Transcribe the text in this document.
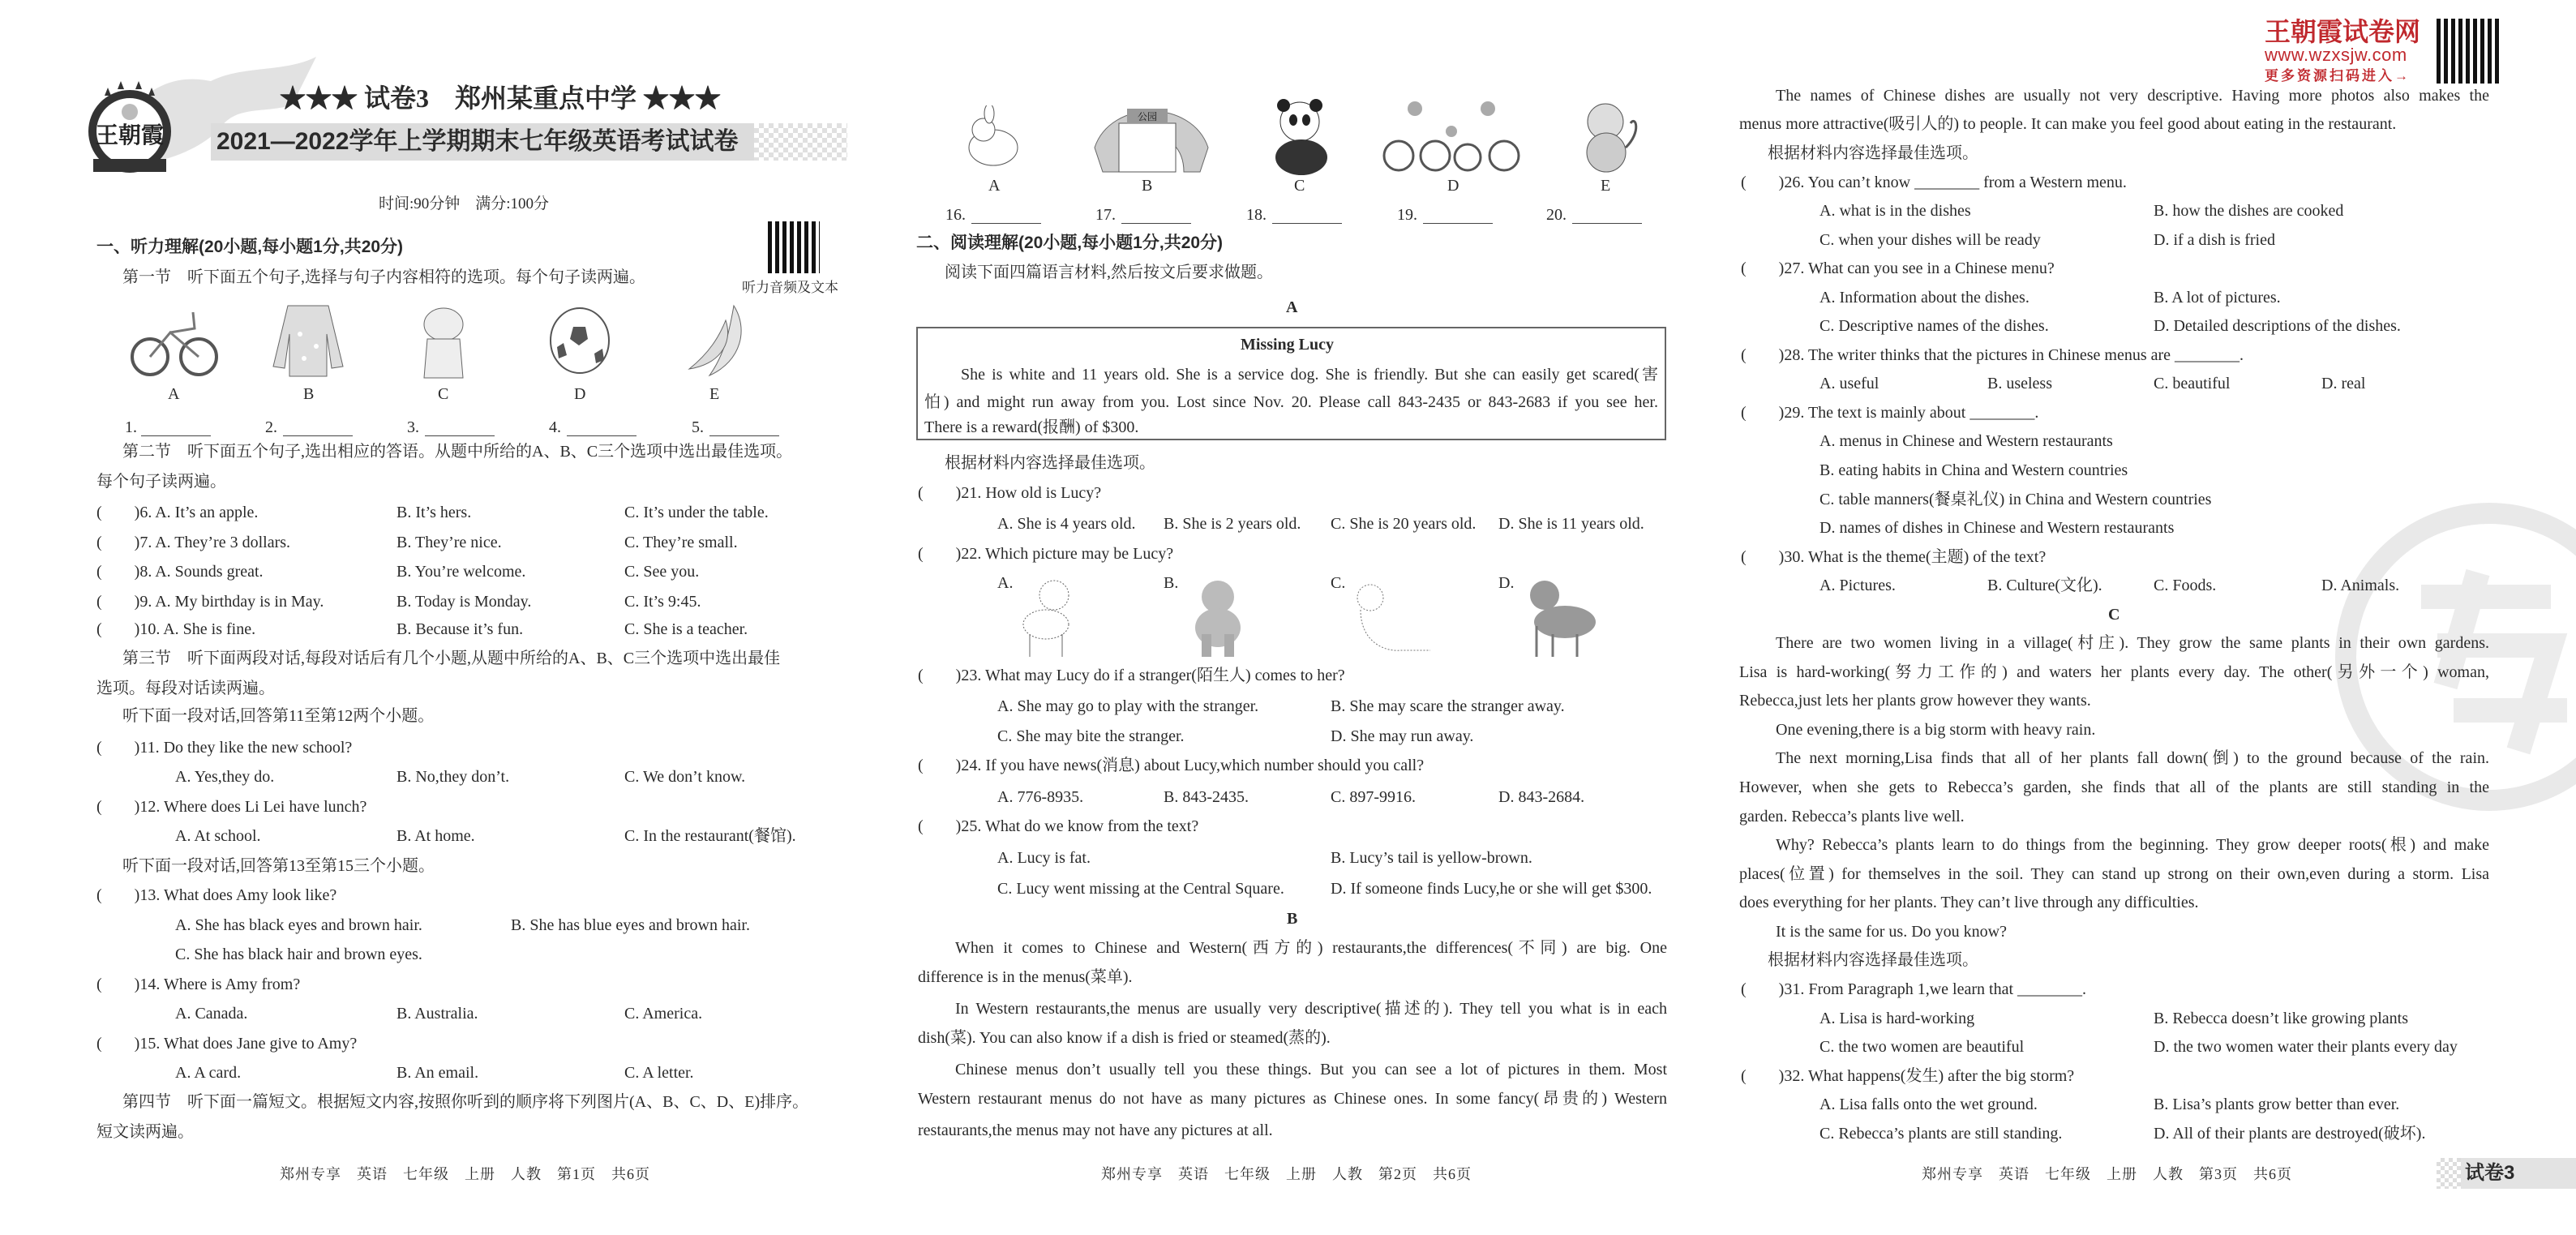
王朝霞
★★★ 试卷3　郑州某重点中学 ★★★
2021—2022学年上学期期末七年级英语考试试卷
时间:90分钟　满分:100分
听力音频及文本
王朝霞试卷网
www.wzxsjw.com
更多资源扫码进入→
一、听力理解(20小题,每小题1分,共20分)
第一节　听下面五个句子,选择与句子内容相符的选项。每个句子读两遍。
A	B	C	D	E
1.	2.	3.	4.	5.
第二节　听下面五个句子,选出相应的答语。从题中所给的A、B、C三个选项中选出最佳选项。
每个句子读两遍。
(　　)6. A. It’s an apple.	B. It’s hers.	C. It’s under the table.
(　　)7. A. They’re 3 dollars.	B. They’re nice.	C. They’re small.
(　　)8. A. Sounds great.	B. You’re welcome.	C. See you.
(　　)9. A. My birthday is in May.	B. Today is Monday.	C. It’s 9:45.
(　　)10. A. She is fine.	B. Because it’s fun.	C. She is a teacher.
第三节　听下面两段对话,每段对话后有几个小题,从题中所给的A、B、C三个选项中选出最佳
选项。每段对话读两遍。
听下面一段对话,回答第11至第12两个小题。
(　　)11. Do they like the new school?
A. Yes,they do.	B. No,they don’t.	C. We don’t know.
(　　)12. Where does Li Lei have lunch?
A. At school.	B. At home.	C. In the restaurant(餐馆).
听下面一段对话,回答第13至第15三个小题。
(　　)13. What does Amy look like?
A. She has black eyes and brown hair.	B. She has blue eyes and brown hair.
C. She has black hair and brown eyes.
(　　)14. Where is Amy from?
A. Canada.	B. Australia.	C. America.
(　　)15. What does Jane give to Amy?
A. A card.	B. An email.	C. A letter.
第四节　听下面一篇短文。根据短文内容,按照你听到的顺序将下列图片(A、B、C、D、E)排序。
短文读两遍。
郑州专享　英语　七年级　上册　人教　第1页　共6页
公园
A	B	C	D	E
16.	17.	18.	19.	20.
二、阅读理解(20小题,每小题1分,共20分)
阅读下面四篇语言材料,然后按文后要求做题。
A
Missing Lucy
She is white and 11 years old. She is a service dog. She is friendly. But she can easily get scared(害
怕) and might run away from you. Lost since Nov. 20. Please call 843-2435 or 843-2683 if you see her.
There is a reward(报酬) of $300.
根据材料内容选择最佳选项。
(　　)21. How old is Lucy?
A. She is 4 years old. B. She is 2 years old. C. She is 20 years old. D. She is 11 years old.
(　　)22. Which picture may be Lucy?
A.	B.	C.	D.
(　　)23. What may Lucy do if a stranger(陌生人) comes to her?
A. She may go to play with the stranger.	B. She may scare the stranger away.
C. She may bite the stranger.	D. She may run away.
(　　)24. If you have news(消息) about Lucy,which number should you call?
A. 776-8935.	B. 843-2435.	C. 897-9916.	D. 843-2684.
(　　)25. What do we know from the text?
A. Lucy is fat.	B. Lucy’s tail is yellow-brown.
C. Lucy went missing at the Central Square.	D. If someone finds Lucy,he or she will get $300.
B
When it comes to Chinese and Western(西方的) restaurants,the differences(不同) are big. One
difference is in the menus(菜单).
In Western restaurants,the menus are usually very descriptive(描述的). They tell you what is in each
dish(菜). You can also know if a dish is fried or steamed(蒸的).
Chinese menus don’t usually tell you these things. But you can see a lot of pictures in them. Most
Western restaurant menus do not have as many pictures as Chinese ones. In some fancy(昂贵的) Western
restaurants,the menus may not have any pictures at all.
郑州专享　英语　七年级　上册　人教　第2页　共6页
The names of Chinese dishes are usually not very descriptive. Having more photos also makes the
menus more attractive(吸引人的) to people. It can make you feel good about eating in the restaurant.
根据材料内容选择最佳选项。
(　　)26. You can’t know ________ from a Western menu.
A. what is in the dishes	B. how the dishes are cooked
C. when your dishes will be ready	D. if a dish is fried
(　　)27. What can you see in a Chinese menu?
A. Information about the dishes.	B. A lot of pictures.
C. Descriptive names of the dishes.	D. Detailed descriptions of the dishes.
(　　)28. The writer thinks that the pictures in Chinese menus are ________.
A. useful	B. useless	C. beautiful	D. real
(　　)29. The text is mainly about ________.
A. menus in Chinese and Western restaurants
B. eating habits in China and Western countries
C. table manners(餐桌礼仪) in China and Western countries
D. names of dishes in Chinese and Western restaurants
(　　)30. What is the theme(主题) of the text?
A. Pictures.	B. Culture(文化).	C. Foods.	D. Animals.
C
There are two women living in a village(村庄). They grow the same plants in their own gardens.
Lisa is hard-working(努力工作的) and waters her plants every day. The other(另外一个) woman,
Rebecca,just lets her plants grow however they wants.
One evening,there is a big storm with heavy rain.
The next morning,Lisa finds that all of her plants fall down(倒) to the ground because of the rain.
However, when she gets to Rebecca’s garden, she finds that all of the plants are still standing in the
garden. Rebecca’s plants live well.
Why? Rebecca’s plants learn to do things from the beginning. They grow deeper roots(根) and make
places(位置) for themselves in the soil. They can stand up strong on their own,even during a storm. Lisa
does everything for her plants. They can’t live through any difficulties.
It is the same for us. Do you know?
根据材料内容选择最佳选项。
(　　)31. From Paragraph 1,we learn that ________.
A. Lisa is hard-working	B. Rebecca doesn’t like growing plants
C. the two women are beautiful	D. the two women water their plants every day
(　　)32. What happens(发生) after the big storm?
A. Lisa falls onto the wet ground.	B. Lisa’s plants grow better than ever.
C. Rebecca’s plants are still standing.	D. All of their plants are destroyed(破坏).
郑州专享　英语　七年级　上册　人教　第3页　共6页	试卷3
